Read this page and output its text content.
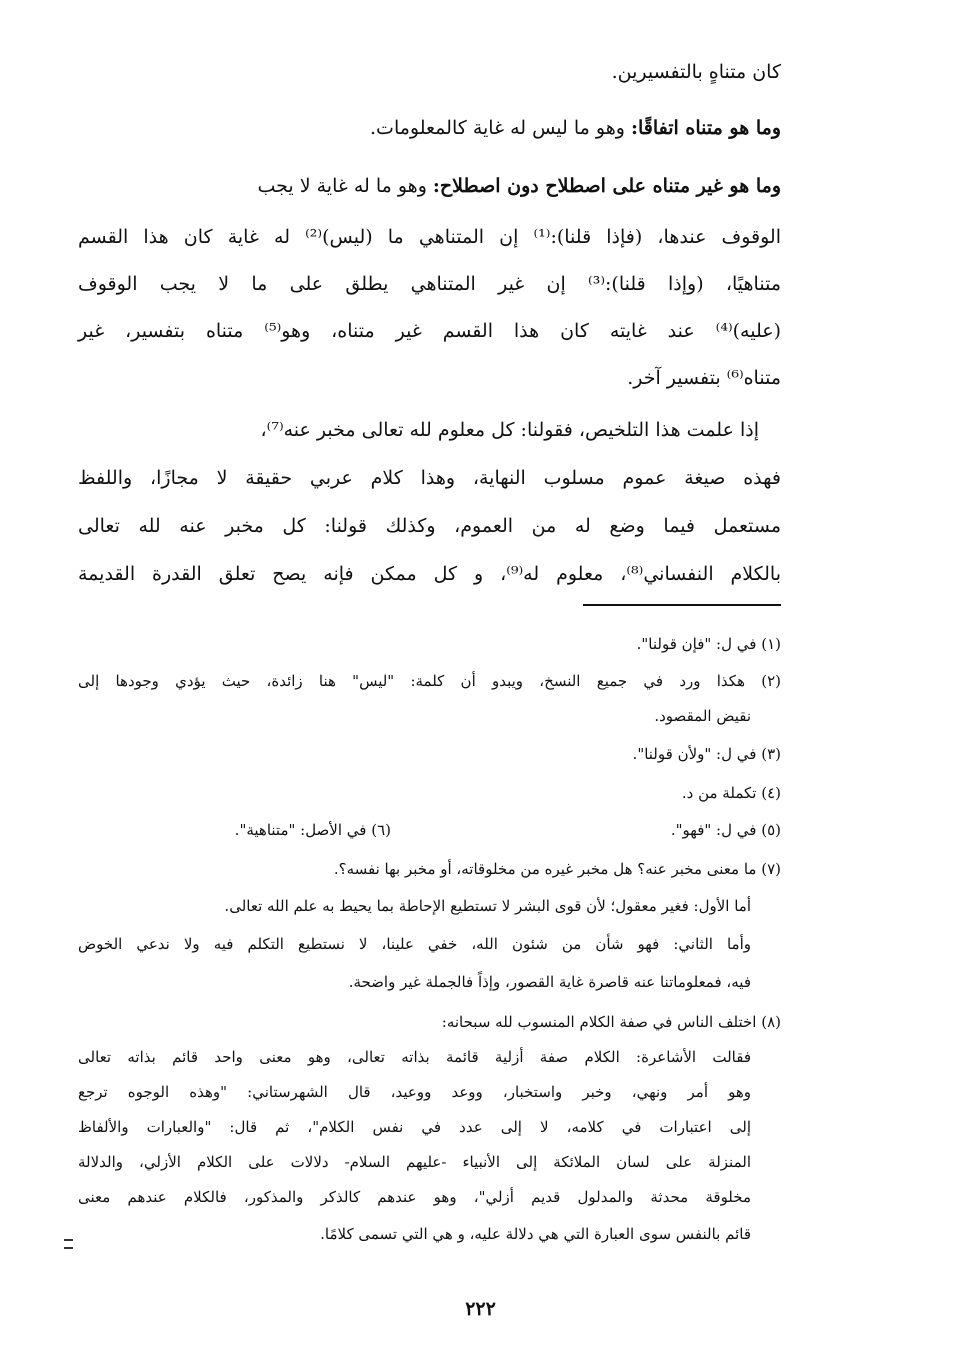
كان متناهٍ بالتفسيرين.
وما هو متناه اتفاقًا: وهو ما ليس له غاية كالمعلومات.
وما هو غير متناه على اصطلاح دون اصطلاح: وهو ما له غاية لا يجب
الوقوف عندها، (فإذا قلنا):⁽¹⁾ إن المتناهي ما (ليس)⁽²⁾ له غاية كان هذا القسم
متناهيًا، (وإذا قلنا):⁽³⁾ إن غير المتناهي يطلق على ما لا يجب الوقوف
(عليه)⁽⁴⁾ عند غايته كان هذا القسم غير متناه، وهو⁽⁵⁾ متناه بتفسير، غير
متناه⁽⁶⁾ بتفسير آخر.
إذا علمت هذا التلخيص، فقولنا: كل معلوم لله تعالى مخبر عنه⁽⁷⁾،
فهذه صيغة عموم مسلوب النهاية، وهذا كلام عربي حقيقة لا مجازًا، واللفظ
مستعمل فيما وضع له من العموم، وكذلك قولنا: كل مخبر عنه لله تعالى
بالكلام النفساني⁽⁸⁾، معلوم له⁽⁹⁾، و كل ممكن فإنه يصح تعلق القدرة القديمة
(١) في ل: "فإن قولنا".
(٢) هكذا ورد في جميع النسخ، ويبدو أن كلمة: "ليس" هنا زائدة، حيث يؤدي وجودها إلى
نقيض المقصود.
(٣) في ل: "ولأن قولنا".
(٤) تكملة من د.
(٥) في ل: "فهو".
(٦) في الأصل: "متناهية".
(٧) ما معنى مخبر عنه؟ هل مخبر غيره من مخلوقاته، أو مخبر بها نفسه؟.
أما الأول: فغير معقول؛ لأن قوى البشر لا تستطيع الإحاطة بما يحيط به علم الله تعالى.
وأما الثاني: فهو شأن من شئون الله، خفي علينا، لا نستطيع التكلم فيه ولا ندعي الخوض
فيه، فمعلوماتنا عنه قاصرة غاية القصور، وإذاً فالجملة غير واضحة.
(٨) اختلف الناس في صفة الكلام المنسوب لله سبحانه:
فقالت الأشاعرة: الكلام صفة أزلية قائمة بذاته تعالى، وهو معنى واحد قائم بذاته تعالى
وهو أمر ونهي، وخبر واستخبار، ووعد ووعيد، قال الشهرستاني: "وهذه الوجوه ترجع
إلى اعتبارات في كلامه، لا إلى عدد في نفس الكلام"، ثم قال: "والعبارات والألفاظ
المنزلة على لسان الملائكة إلى الأنبياء -عليهم السلام- دلالات على الكلام الأزلي، والدلالة
مخلوقة محدثة والمدلول قديم أزلي"، وهو عندهم كالذكر والمذكور، فالكلام عندهم معنى
قائم بالنفس سوى العبارة التي هي دلالة عليه، و هي التي تسمى كلامًا.
٢٢٢
